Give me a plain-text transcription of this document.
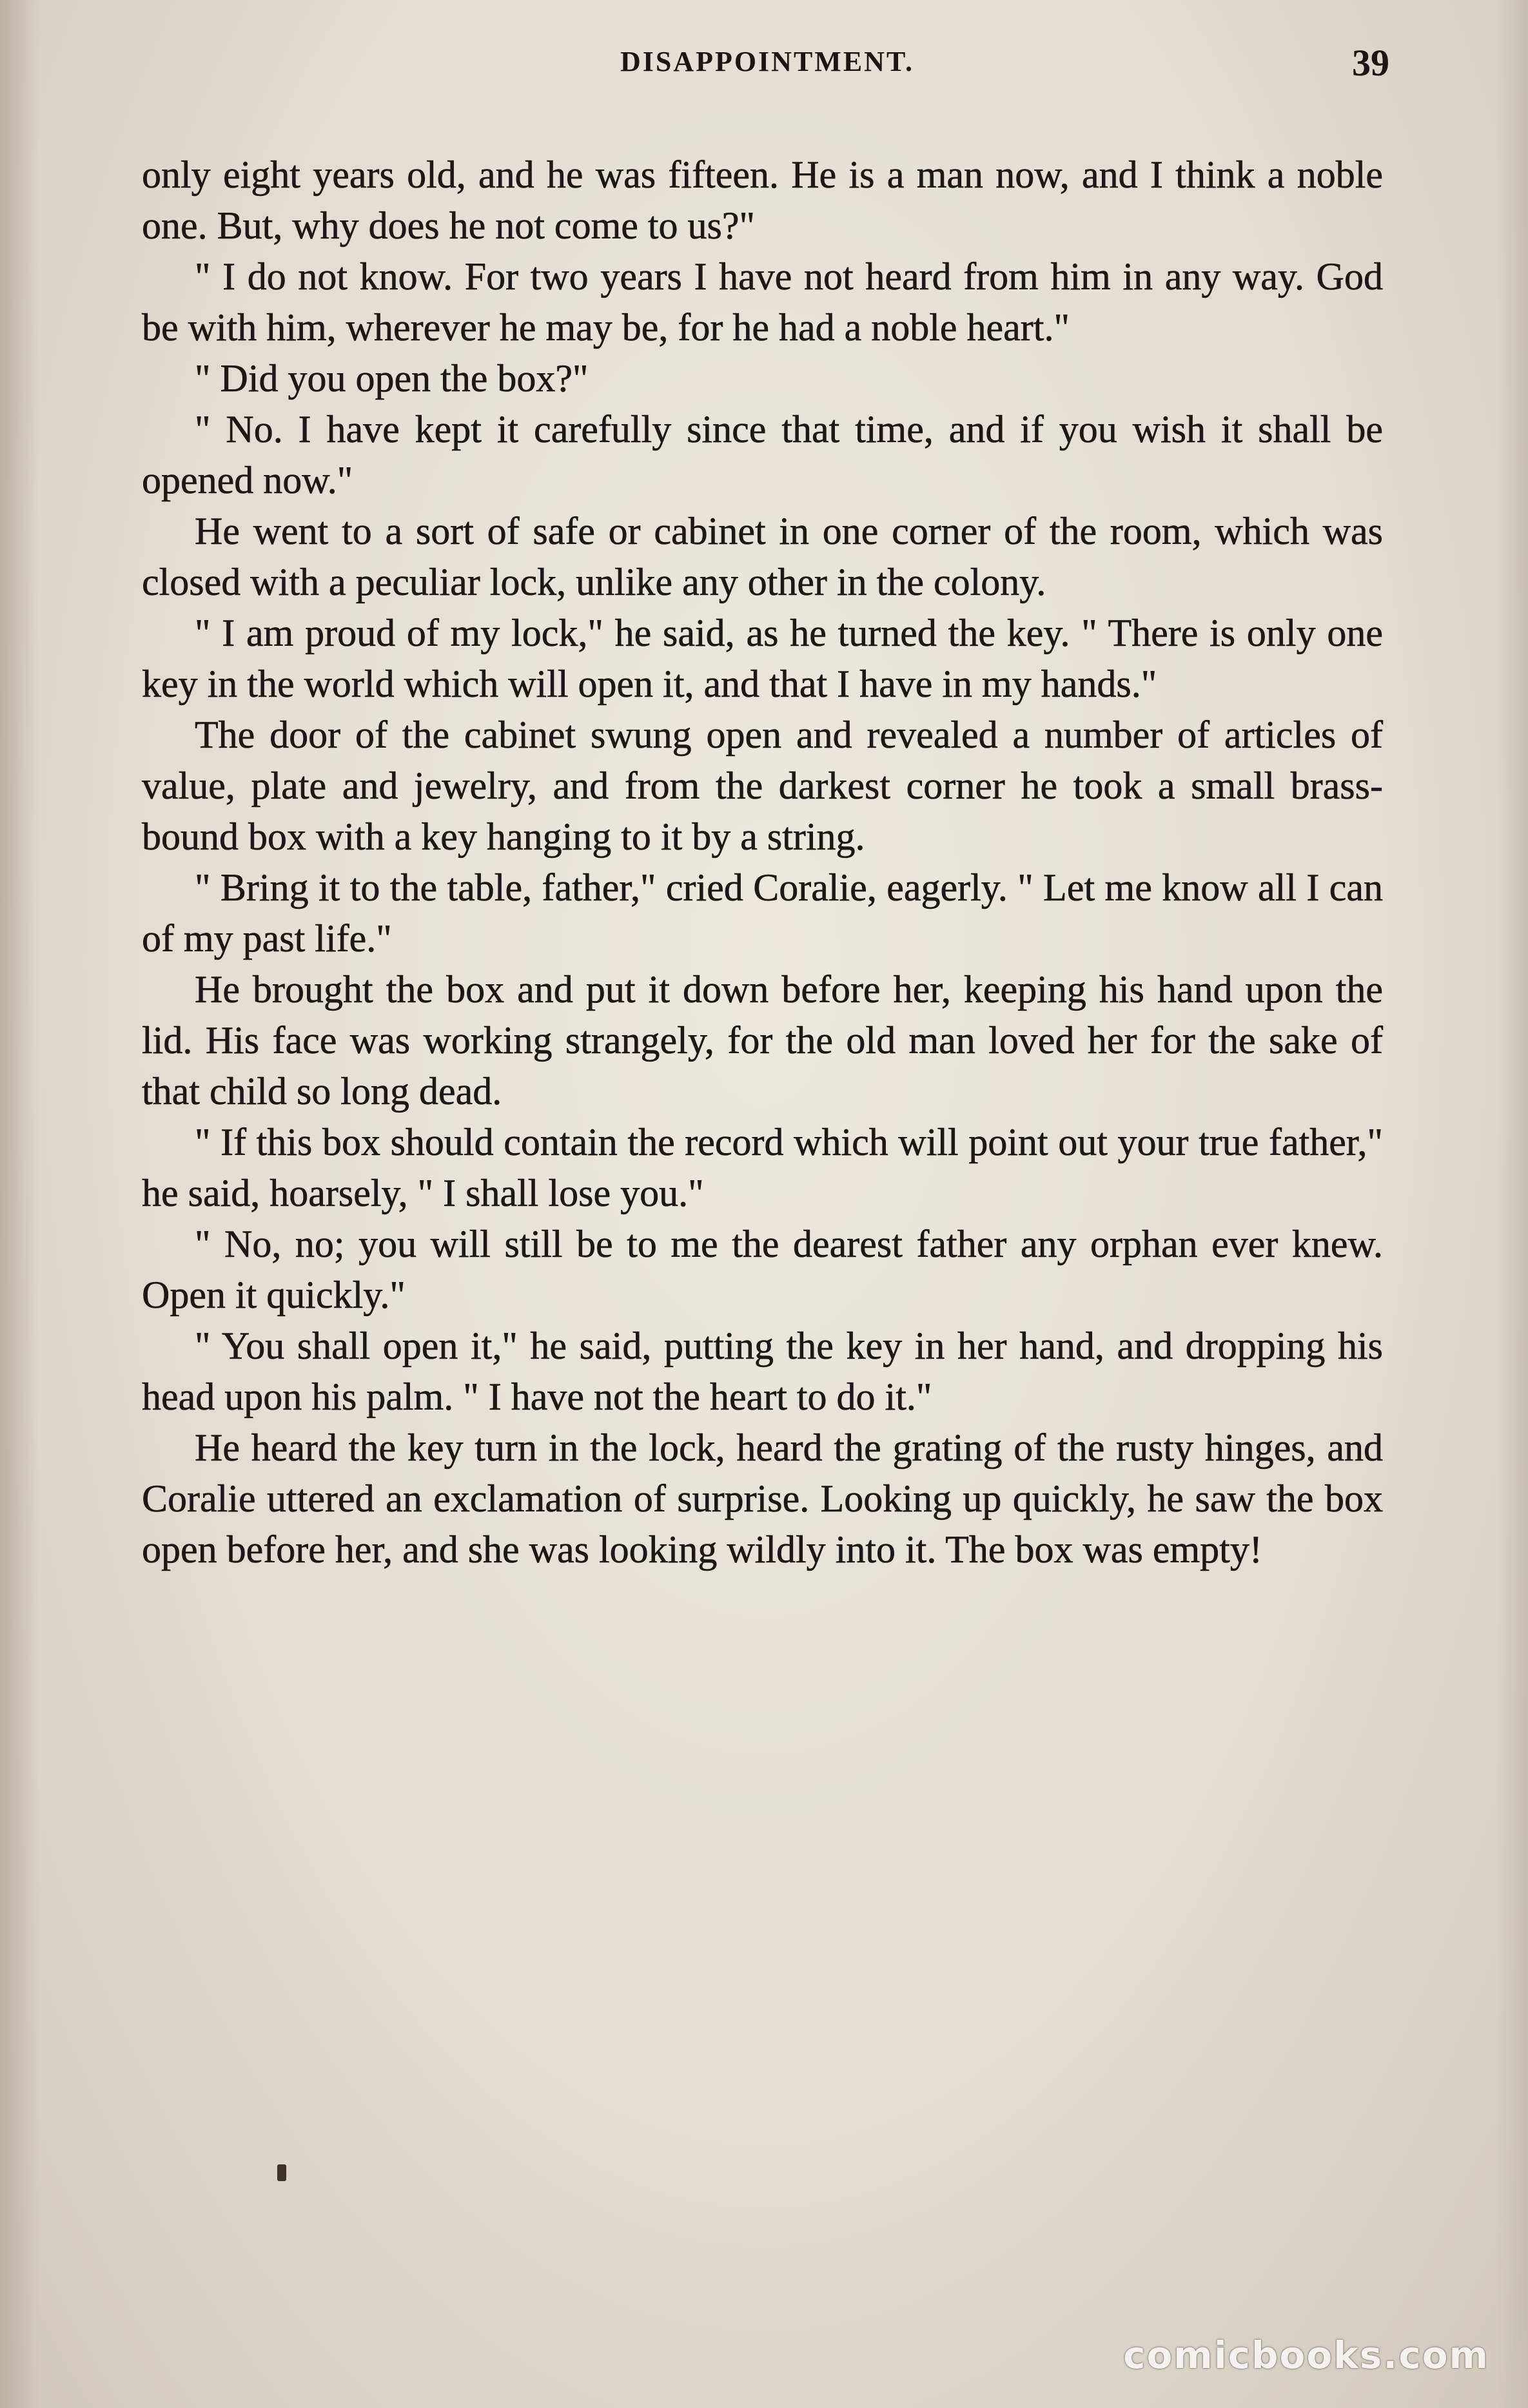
DISAPPOINTMENT.	39

only eight years old, and he was fifteen. He is a man now, and I think a noble one. But, why does he not come to us?"

" I do not know. For two years I have not heard from him in any way. God be with him, wherever he may be, for he had a noble heart."

" Did you open the box?"

" No. I have kept it carefully since that time, and if you wish it shall be opened now."

He went to a sort of safe or cabinet in one corner of the room, which was closed with a peculiar lock, unlike any other in the colony.

" I am proud of my lock," he said, as he turned the key. " There is only one key in the world which will open it, and that I have in my hands."

The door of the cabinet swung open and revealed a number of articles of value, plate and jewelry, and from the darkest corner he took a small brass-bound box with a key hanging to it by a string.

" Bring it to the table, father," cried Coralie, eagerly. " Let me know all I can of my past life."

He brought the box and put it down before her, keeping his hand upon the lid. His face was working strangely, for the old man loved her for the sake of that child so long dead.

" If this box should contain the record which will point out your true father," he said, hoarsely, " I shall lose you."

" No, no; you will still be to me the dearest father any orphan ever knew. Open it quickly."

" You shall open it," he said, putting the key in her hand, and dropping his head upon his palm. " I have not the heart to do it."

He heard the key turn in the lock, heard the grating of the rusty hinges, and Coralie uttered an exclamation of surprise. Looking up quickly, he saw the box open before her, and she was looking wildly into it. The box was empty!

comicbooks.com
